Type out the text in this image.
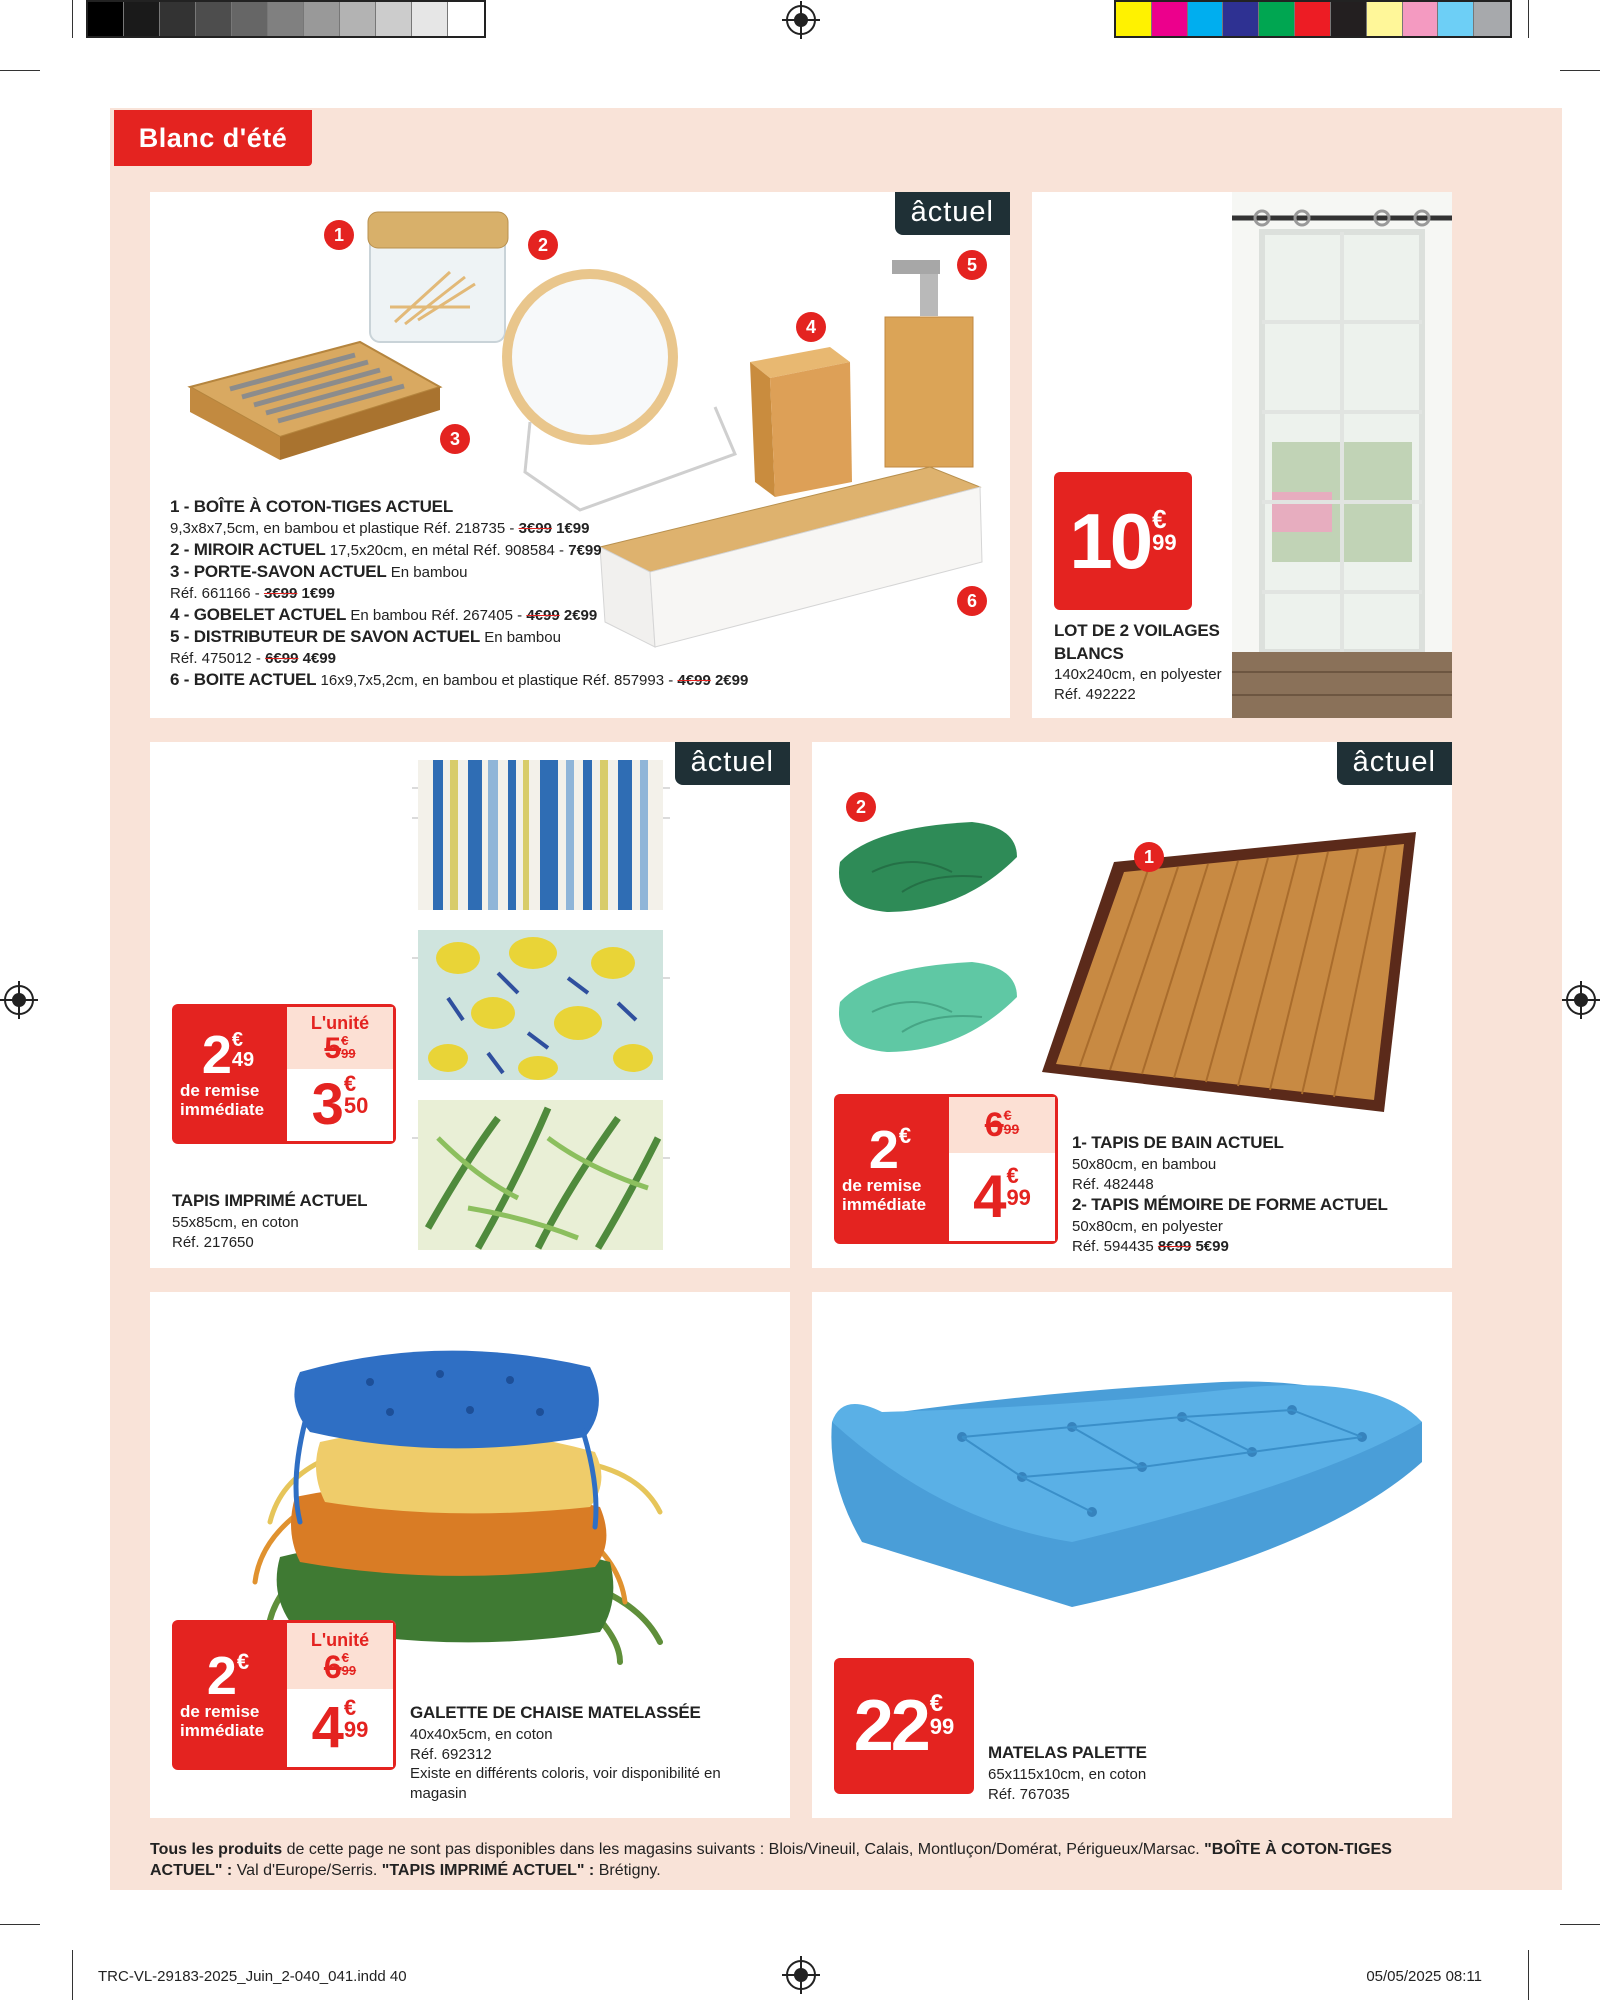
TRC-VL-29183-2025_Juin_2-040_041.indd 40	05/05/2025 08:11
Blanc d'été
âctuel
1	2
3
4
5
6
1 - BOÎTE À COTON-TIGES ACTUEL
9,3x8x7,5cm, en bambou et plastique Réf. 218735 - 3€99 1€99
2 - MIROIR ACTUEL 17,5x20cm, en métal Réf. 908584 - 7€99
3 - PORTE-SAVON ACTUEL En bambou
Réf. 661166 - 3€99 1€99
4 - GOBELET ACTUEL En bambou Réf. 267405 - 4€99 2€99
5 - DISTRIBUTEUR DE SAVON ACTUEL En bambou
Réf. 475012 - 6€99 4€99
6 - BOITE ACTUEL 16x9,7x5,2cm, en bambou et plastique Réf. 857993 - 4€99 2€99
10 €
99
LOT DE 2 VOILAGES BLANCS
140x240cm, en polyester
Réf. 492222
âctuel
2 €
49
de remise immédiate
L'unité
5 €
99
3 €
50
TAPIS IMPRIMÉ ACTUEL
55x85cm, en coton
Réf. 217650
âctuel
1
2
2 €
de remise immédiate
6 €
99
4 €
99
1- TAPIS DE BAIN ACTUEL
50x80cm, en bambou
Réf. 482448
2- TAPIS MÉMOIRE DE FORME ACTUEL
50x80cm, en polyester
Réf. 594435 8€99 5€99
2 €
de remise immédiate
L'unité
6 €
99
4 €
99
GALETTE DE CHAISE MATELASSÉE
40x40x5cm, en coton
Réf. 692312
Existe en différents coloris, voir disponibilité en magasin
22 €
99
MATELAS PALETTE
65x115x10cm, en coton
Réf. 767035
Tous les produits de cette page ne sont pas disponibles dans les magasins suivants : Blois/Vineuil, Calais, Montluçon/Domérat, Périgueux/Marsac. "BOÎTE À COTON-TIGES ACTUEL" : Val d'Europe/Serris. "TAPIS IMPRIMÉ ACTUEL" : Brétigny.
